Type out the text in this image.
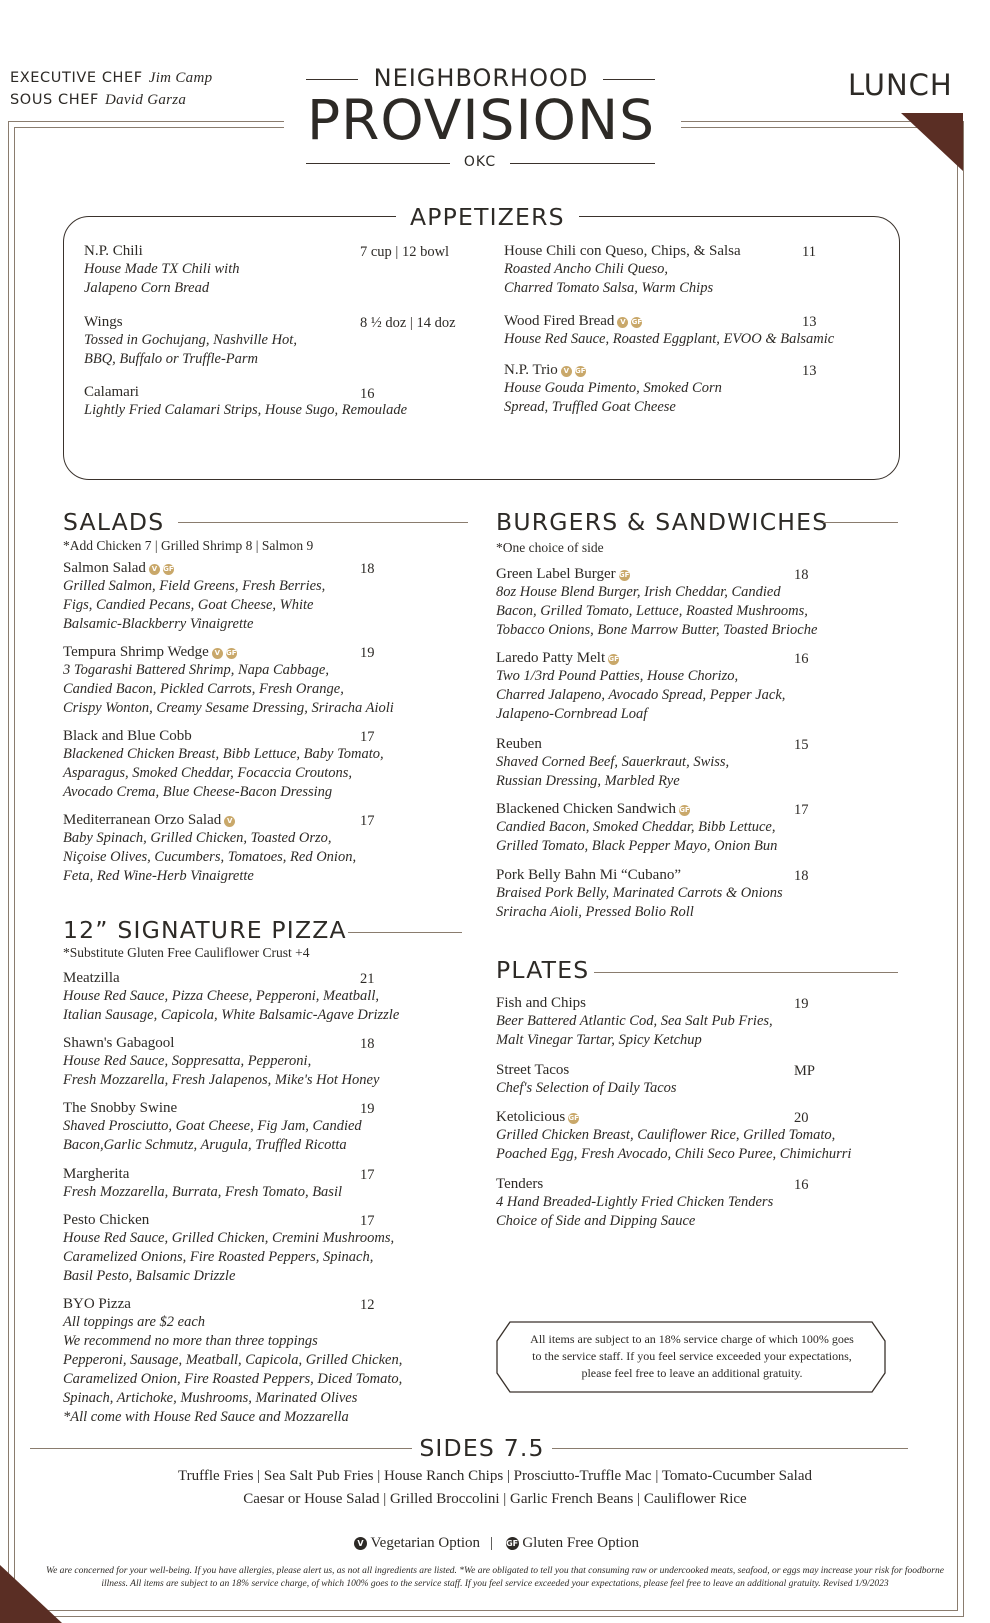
EXECUTIVE CHEF Jim Camp
SOUS CHEF David Garza
NEIGHBORHOOD
PROVISIONS
OKC
LUNCH
APPETIZERS
N.P. Chili
House Made TX Chili with
Jalapeno Corn Bread
7 cup | 12 bowl
Wings
Tossed in Gochujang, Nashville Hot,
BBQ, Buffalo or Truffle-Parm
8 ½ doz | 14 doz
Calamari
Lightly Fried Calamari Strips, House Sugo, Remoulade
16
House Chili con Queso, Chips, & Salsa
Roasted Ancho Chili Queso,
Charred Tomato Salsa, Warm Chips
11
Wood Fired Bread V GF
House Red Sauce, Roasted Eggplant, EVOO & Balsamic
13
N.P. Trio V GF
House Gouda Pimento, Smoked Corn
Spread, Truffled Goat Cheese
13
SALADS
*Add Chicken 7 | Grilled Shrimp 8 | Salmon 9
Salmon Salad V GF
Grilled Salmon, Field Greens, Fresh Berries,
Figs, Candied Pecans, Goat Cheese, White
Balsamic-Blackberry Vinaigrette
18
Tempura Shrimp Wedge V GF
3 Togarashi Battered Shrimp, Napa Cabbage,
Candied Bacon, Pickled Carrots, Fresh Orange,
Crispy Wonton, Creamy Sesame Dressing, Sriracha Aioli
19
Black and Blue Cobb
Blackened Chicken Breast, Bibb Lettuce, Baby Tomato,
Asparagus, Smoked Cheddar, Focaccia Croutons,
Avocado Crema, Blue Cheese-Bacon Dressing
17
Mediterranean Orzo Salad V
Baby Spinach, Grilled Chicken, Toasted Orzo,
Niçoise Olives, Cucumbers, Tomatoes, Red Onion,
Feta, Red Wine-Herb Vinaigrette
17
12” SIGNATURE PIZZA
*Substitute Gluten Free Cauliflower Crust +4
Meatzilla
House Red Sauce, Pizza Cheese, Pepperoni, Meatball,
Italian Sausage, Capicola, White Balsamic-Agave Drizzle
21
Shawn's Gabagool
House Red Sauce, Soppresatta, Pepperoni,
Fresh Mozzarella, Fresh Jalapenos, Mike's Hot Honey
18
The Snobby Swine
Shaved Prosciutto, Goat Cheese, Fig Jam, Candied
Bacon,Garlic Schmutz, Arugula, Truffled Ricotta
19
Margherita
Fresh Mozzarella, Burrata, Fresh Tomato, Basil
17
Pesto Chicken
House Red Sauce, Grilled Chicken, Cremini Mushrooms,
Caramelized Onions, Fire Roasted Peppers, Spinach,
Basil Pesto, Balsamic Drizzle
17
BYO Pizza
All toppings are $2 each
We recommend no more than three toppings
Pepperoni, Sausage, Meatball, Capicola, Grilled Chicken,
Caramelized Onion, Fire Roasted Peppers, Diced Tomato,
Spinach, Artichoke, Mushrooms, Marinated Olives
*All come with House Red Sauce and Mozzarella
12
BURGERS & SANDWICHES
*One choice of side
Green Label Burger GF
8oz House Blend Burger, Irish Cheddar, Candied
Bacon, Grilled Tomato, Lettuce, Roasted Mushrooms,
Tobacco Onions, Bone Marrow Butter, Toasted Brioche
18
Laredo Patty Melt GF
Two 1/3rd Pound Patties, House Chorizo,
Charred Jalapeno, Avocado Spread, Pepper Jack,
Jalapeno-Cornbread Loaf
16
Reuben
Shaved Corned Beef, Sauerkraut, Swiss,
Russian Dressing, Marbled Rye
15
Blackened Chicken Sandwich GF
Candied Bacon, Smoked Cheddar, Bibb Lettuce,
Grilled Tomato, Black Pepper Mayo, Onion Bun
17
Pork Belly Bahn Mi “Cubano”
Braised Pork Belly, Marinated Carrots & Onions
Sriracha Aioli, Pressed Bolio Roll
18
PLATES
Fish and Chips
Beer Battered Atlantic Cod, Sea Salt Pub Fries,
Malt Vinegar Tartar, Spicy Ketchup
19
Street Tacos
Chef's Selection of Daily Tacos
MP
Ketolicious GF
Grilled Chicken Breast, Cauliflower Rice, Grilled Tomato,
Poached Egg, Fresh Avocado, Chili Seco Puree, Chimichurri
20
Tenders
4 Hand Breaded-Lightly Fried Chicken Tenders
Choice of Side and Dipping Sauce
16
All items are subject to an 18% service charge of which 100% goes to the service staff. If you feel service exceeded your expectations, please feel free to leave an additional gratuity.
SIDES 7.5
Truffle Fries | Sea Salt Pub Fries | House Ranch Chips | Prosciutto-Truffle Mac | Tomato-Cucumber Salad
Caesar or House Salad | Grilled Broccolini | Garlic French Beans | Cauliflower Rice
V Vegetarian Option | GF Gluten Free Option
We are concerned for your well-being. If you have allergies, please alert us, as not all ingredients are listed. *We are obligated to tell you that consuming raw or undercooked meats, seafood, or eggs may increase your risk for foodborne
illness. All items are subject to an 18% service charge, of which 100% goes to the service staff. If you feel service exceeded your expectations, please feel free to leave an additional gratuity. Revised 1/9/2023
